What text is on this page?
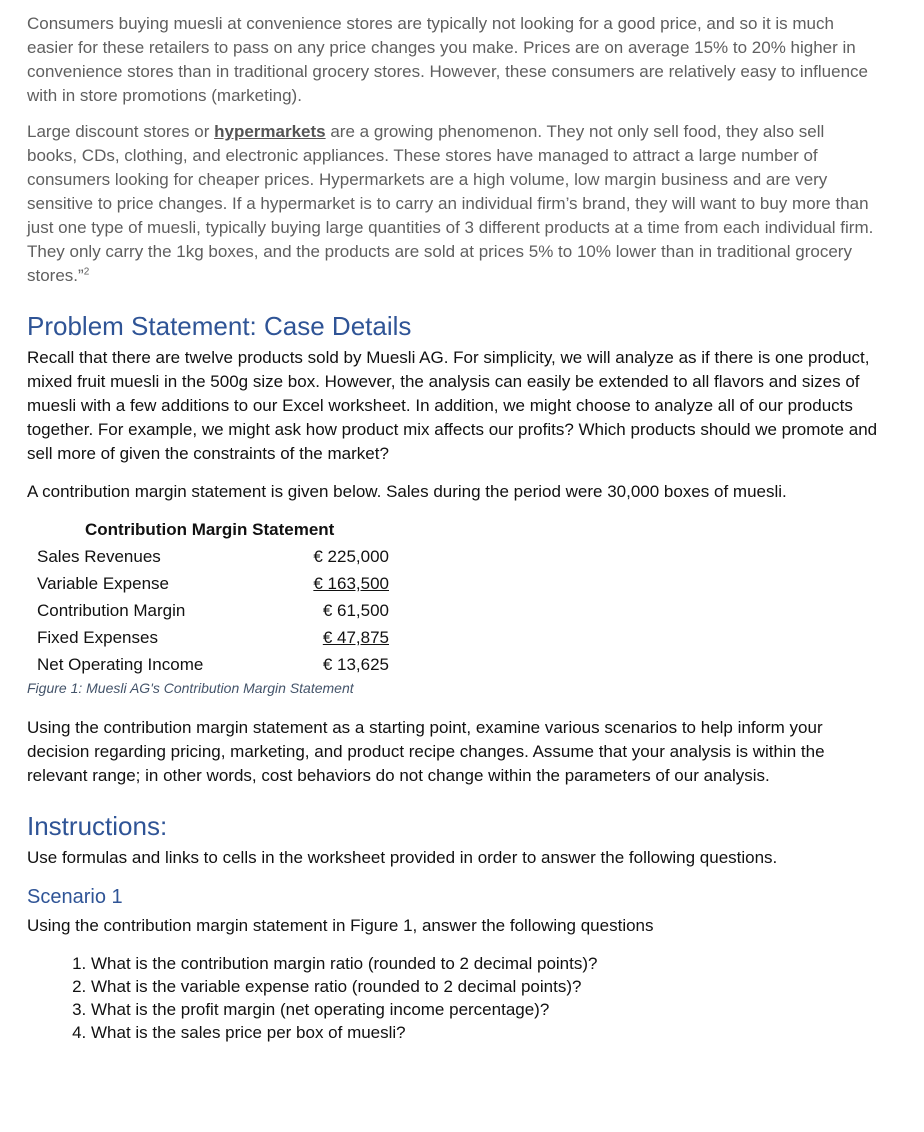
Consumers buying muesli at convenience stores are typically not looking for a good price, and so it is much easier for these retailers to pass on any price changes you make. Prices are on average 15% to 20% higher in convenience stores than in traditional grocery stores. However, these consumers are relatively easy to influence with in store promotions (marketing).

Large discount stores or hypermarkets are a growing phenomenon. They not only sell food, they also sell books, CDs, clothing, and electronic appliances. These stores have managed to attract a large number of consumers looking for cheaper prices. Hypermarkets are a high volume, low margin business and are very sensitive to price changes. If a hypermarket is to carry an individual firm’s brand, they will want to buy more than just one type of muesli, typically buying large quantities of 3 different products at a time from each individual firm. They only carry the 1kg boxes, and the products are sold at prices 5% to 10% lower than in traditional grocery stores.”$^2$

Problem Statement: Case Details

Recall that there are twelve products sold by Muesli AG. For simplicity, we will analyze as if there is one product, mixed fruit muesli in the 500g size box. However, the analysis can easily be extended to all flavors and sizes of muesli with a few additions to our Excel worksheet. In addition, we might choose to analyze all of our products together. For example, we might ask how product mix affects our profits? Which products should we promote and sell more of given the constraints of the market?

A contribution margin statement is given below. Sales during the period were 30,000 boxes of muesli.

Contribution Margin Statement

Sales Revenues	€ 225,000
Variable Expense	€ 163,500
Contribution Margin	€ 61,500
Fixed Expenses	€ 47,875
Net Operating Income	€ 13,625

Figure 1: Muesli AG's Contribution Margin Statement

Using the contribution margin statement as a starting point, examine various scenarios to help inform your decision regarding pricing, marketing, and product recipe changes. Assume that your analysis is within the relevant range; in other words, cost behaviors do not change within the parameters of our analysis.

Instructions:

Use formulas and links to cells in the worksheet provided in order to answer the following questions.

Scenario 1

Using the contribution margin statement in Figure 1, answer the following questions

1. What is the contribution margin ratio (rounded to 2 decimal points)?
2. What is the variable expense ratio (rounded to 2 decimal points)?
3. What is the profit margin (net operating income percentage)?
4. What is the sales price per box of muesli?
